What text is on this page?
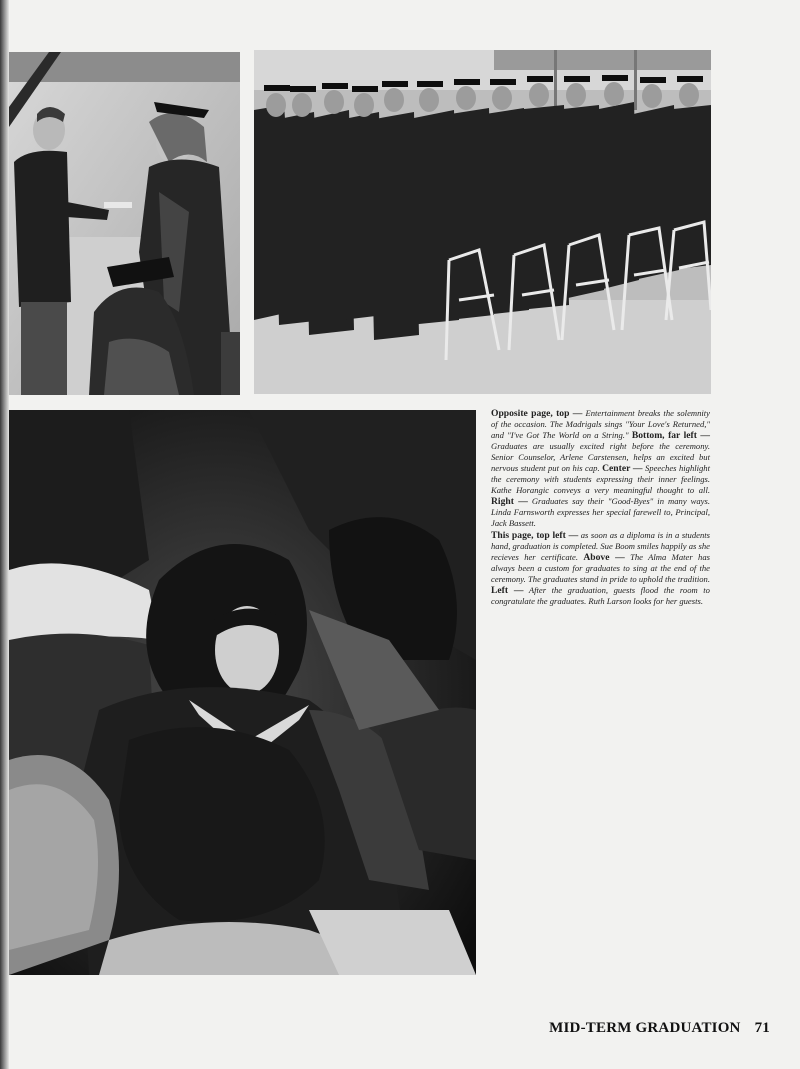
Opposite page, top — Entertainment breaks the solemnity of the occasion. The Madrigals sings "Your Love's Returned," and "I've Got The World on a String." Bottom, far left — Graduates are usually excited right before the ceremony. Senior Counselor, Arlene Carstensen, helps an excited but nervous student put on his cap. Center — Speeches highlight the ceremony with students expressing their inner feelings. Kathe Horangic conveys a very meaningful thought to all. Right — Graduates say their "Good-Byes" in many ways. Linda Farnsworth expresses her special farewell to, Principal, Jack Bassett.

This page, top left — as soon as a diploma is in a students hand, graduation is completed. Sue Boom smiles happily as she recieves her certificate. Above — The Alma Mater has always been a custom for graduates to sing at the end of the ceremony. The graduates stand in pride to uphold the tradition. Left — After the graduation, guests flood the room to congratulate the graduates. Ruth Larson looks for her guests.

MID-TERM GRADUATION 71
